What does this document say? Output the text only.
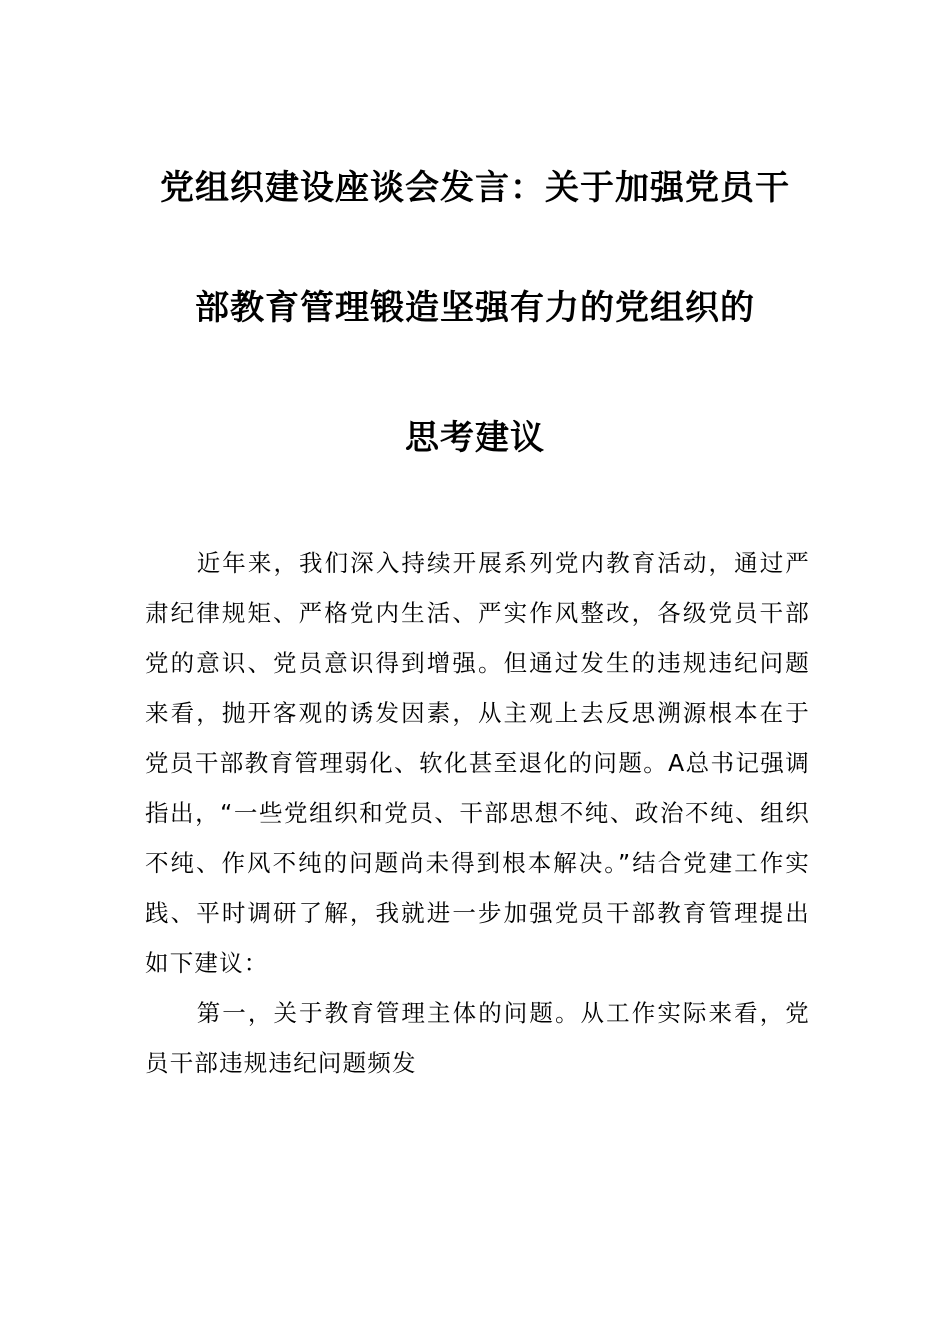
党组织建设座谈会发言：关于加强党员干
部教育管理锻造坚强有力的党组织的
思考建议

近年来，我们深入持续开展系列党内教育活动，通过严肃纪律规矩、严格党内生活、严实作风整改，各级党员干部党的意识、党员意识得到增强。但通过发生的违规违纪问题来看，抛开客观的诱发因素，从主观上去反思溯源根本在于党员干部教育管理弱化、软化甚至退化的问题。A总书记强调指出，“一些党组织和党员、干部思想不纯、政治不纯、组织不纯、作风不纯的问题尚未得到根本解决。”结合党建工作实践、平时调研了解，我就进一步加强党员干部教育管理提出如下建议：

第一，关于教育管理主体的问题。从工作实际来看，党员干部违规违纪问题频发
